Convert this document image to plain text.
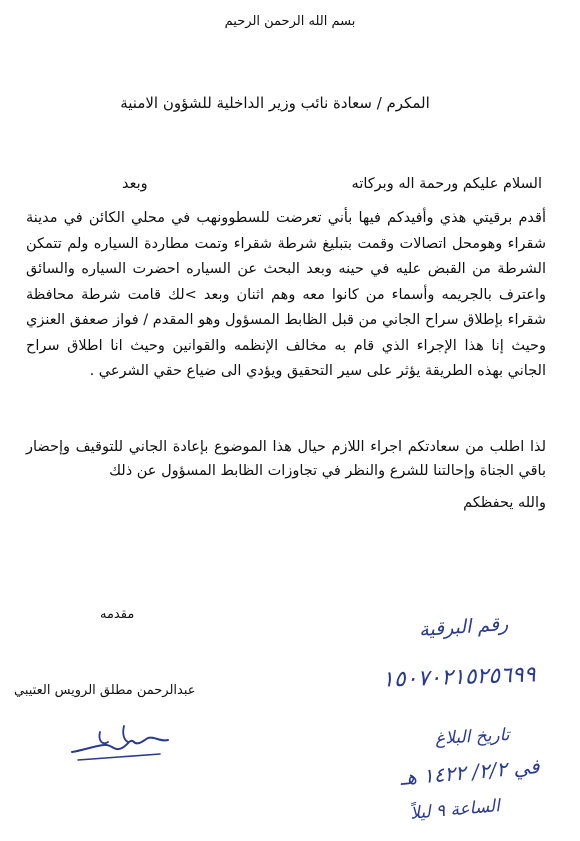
بسم الله الرحمن الرحيم
المكرم / سعادة نائب وزير الداخلية للشؤون الامنية
السلام عليكم ورحمة اله وبركاته
وبعد
أقدم برقيتي هذي وأفيدكم فيها بأني تعرضت للسطوونهب في محلي الكائن في مدينة شقراء وهومحل اتصالات وقمت بتبليغ شرطة شقراء وتمت مطاردة السياره ولم تتمكن الشرطة من القبض عليه في حينه وبعد البحث عن السياره احضرت السياره والسائق واعترف بالجريمه وأسماء من كانوا معه وهم اثنان وبعد >لك قامت شرطة محافظة شقراء بإطلاق سراح الجاني من قبل الظابط المسؤول وهو المقدم / فواز صعفق العنزي وحيث إنا هذا الإجراء الذي قام به مخالف الإنظمه والقوانين وحيث انا اطلاق سراح الجاني بهذه الطريقة يؤثر على سير التحقيق ويؤدي الى ضياع حقي الشرعي .
لذا اطلب من سعادتكم اجراء اللازم حيال هذا الموضوع بإعادة الجاني للتوقيف وإحضار باقي الجناة وإحالتنا للشرع والنظر في تجاوزات الظابط المسؤول عن ذلك
والله يحفظكم
مقدمه
عبدالرحمن مطلق الرويس العتيبي
رقم البرقية
١٥٠٧٠٢١٥٢٥٦٩٩
تاريخ البلاغ
في ٢/٢/ ١٤٢٢ هـ
الساعة ٩ ليلاً
